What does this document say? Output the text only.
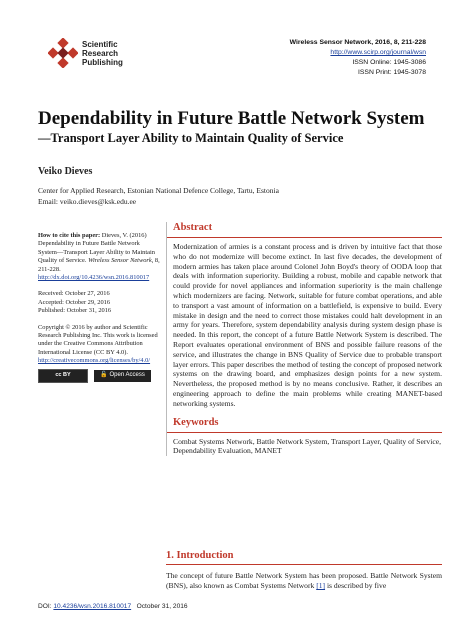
Scientific
Research
Publishing
Wireless Sensor Network, 2016, 8, 211-228
http://www.scirp.org/journal/wsn
ISSN Online: 1945-3086
ISSN Print: 1945-3078
Dependability in Future Battle Network System
—Transport Layer Ability to Maintain Quality of Service
Veiko Dieves
Center for Applied Research, Estonian National Defence College, Tartu, Estonia
Email: veiko.dieves@ksk.edu.ee

How to cite this paper: Dieves, V. (2016) Dependability in Future Battle Network System—Transport Layer Ability to Maintain Quality of Service. Wireless Sensor Network, 8, 211-228. http://dx.doi.org/10.4236/wsn.2016.810017

Received: October 27, 2016

Accepted: October 29, 2016

Published: October 31, 2016

Copyright © 2016 by author and Scientific Research Publishing Inc. This work is licensed under the Creative Commons Attribution International License (CC BY 4.0).

http://creativecommons.org/licenses/by/4.0/

cc BY	🔓 Open Access
Abstract

Modernization of armies is a constant process and is driven by intuitive fact that those who do not modernize will become extinct. In last five decades, the development of modern armies has taken place around Colonel John Boyd's theory of OODA loop that deals with information superiority. Building a robust, mobile and capable network that could provide for novel appliances and information superiority is the main challenge which modernizers are facing. Network, suitable for future combat operations, and able to transport a vast amount of information on a battlefield, is expensive to build. Every mistake in design and the need to correct those mistakes could halt development in an army for years. Therefore, system dependability analysis during system design phase is needed. In this report, the concept of a future Battle Network System is described. The Report evaluates operational environment of BNS and possible failure reasons of the service, and illustrates the change in BNS Quality of Service due to probable transport layer errors. This paper describes the method of testing the concept of proposed network systems on the drawing board, and emphasizes design points for a new system. Nevertheless, the proposed method is by no means conclusive. Rather, it describes an engineering approach to define the main problems while creating MANET-based networking systems.

Keywords

Combat Systems Network, Battle Network System, Transport Layer, Quality of Service, Dependability Evaluation, MANET

1. Introduction
The concept of future Battle Network System has been proposed. Battle Network System (BNS), also known as Combat Systems Network [1] is described by five
DOI: 10.4236/wsn.2016.810017 October 31, 2016
